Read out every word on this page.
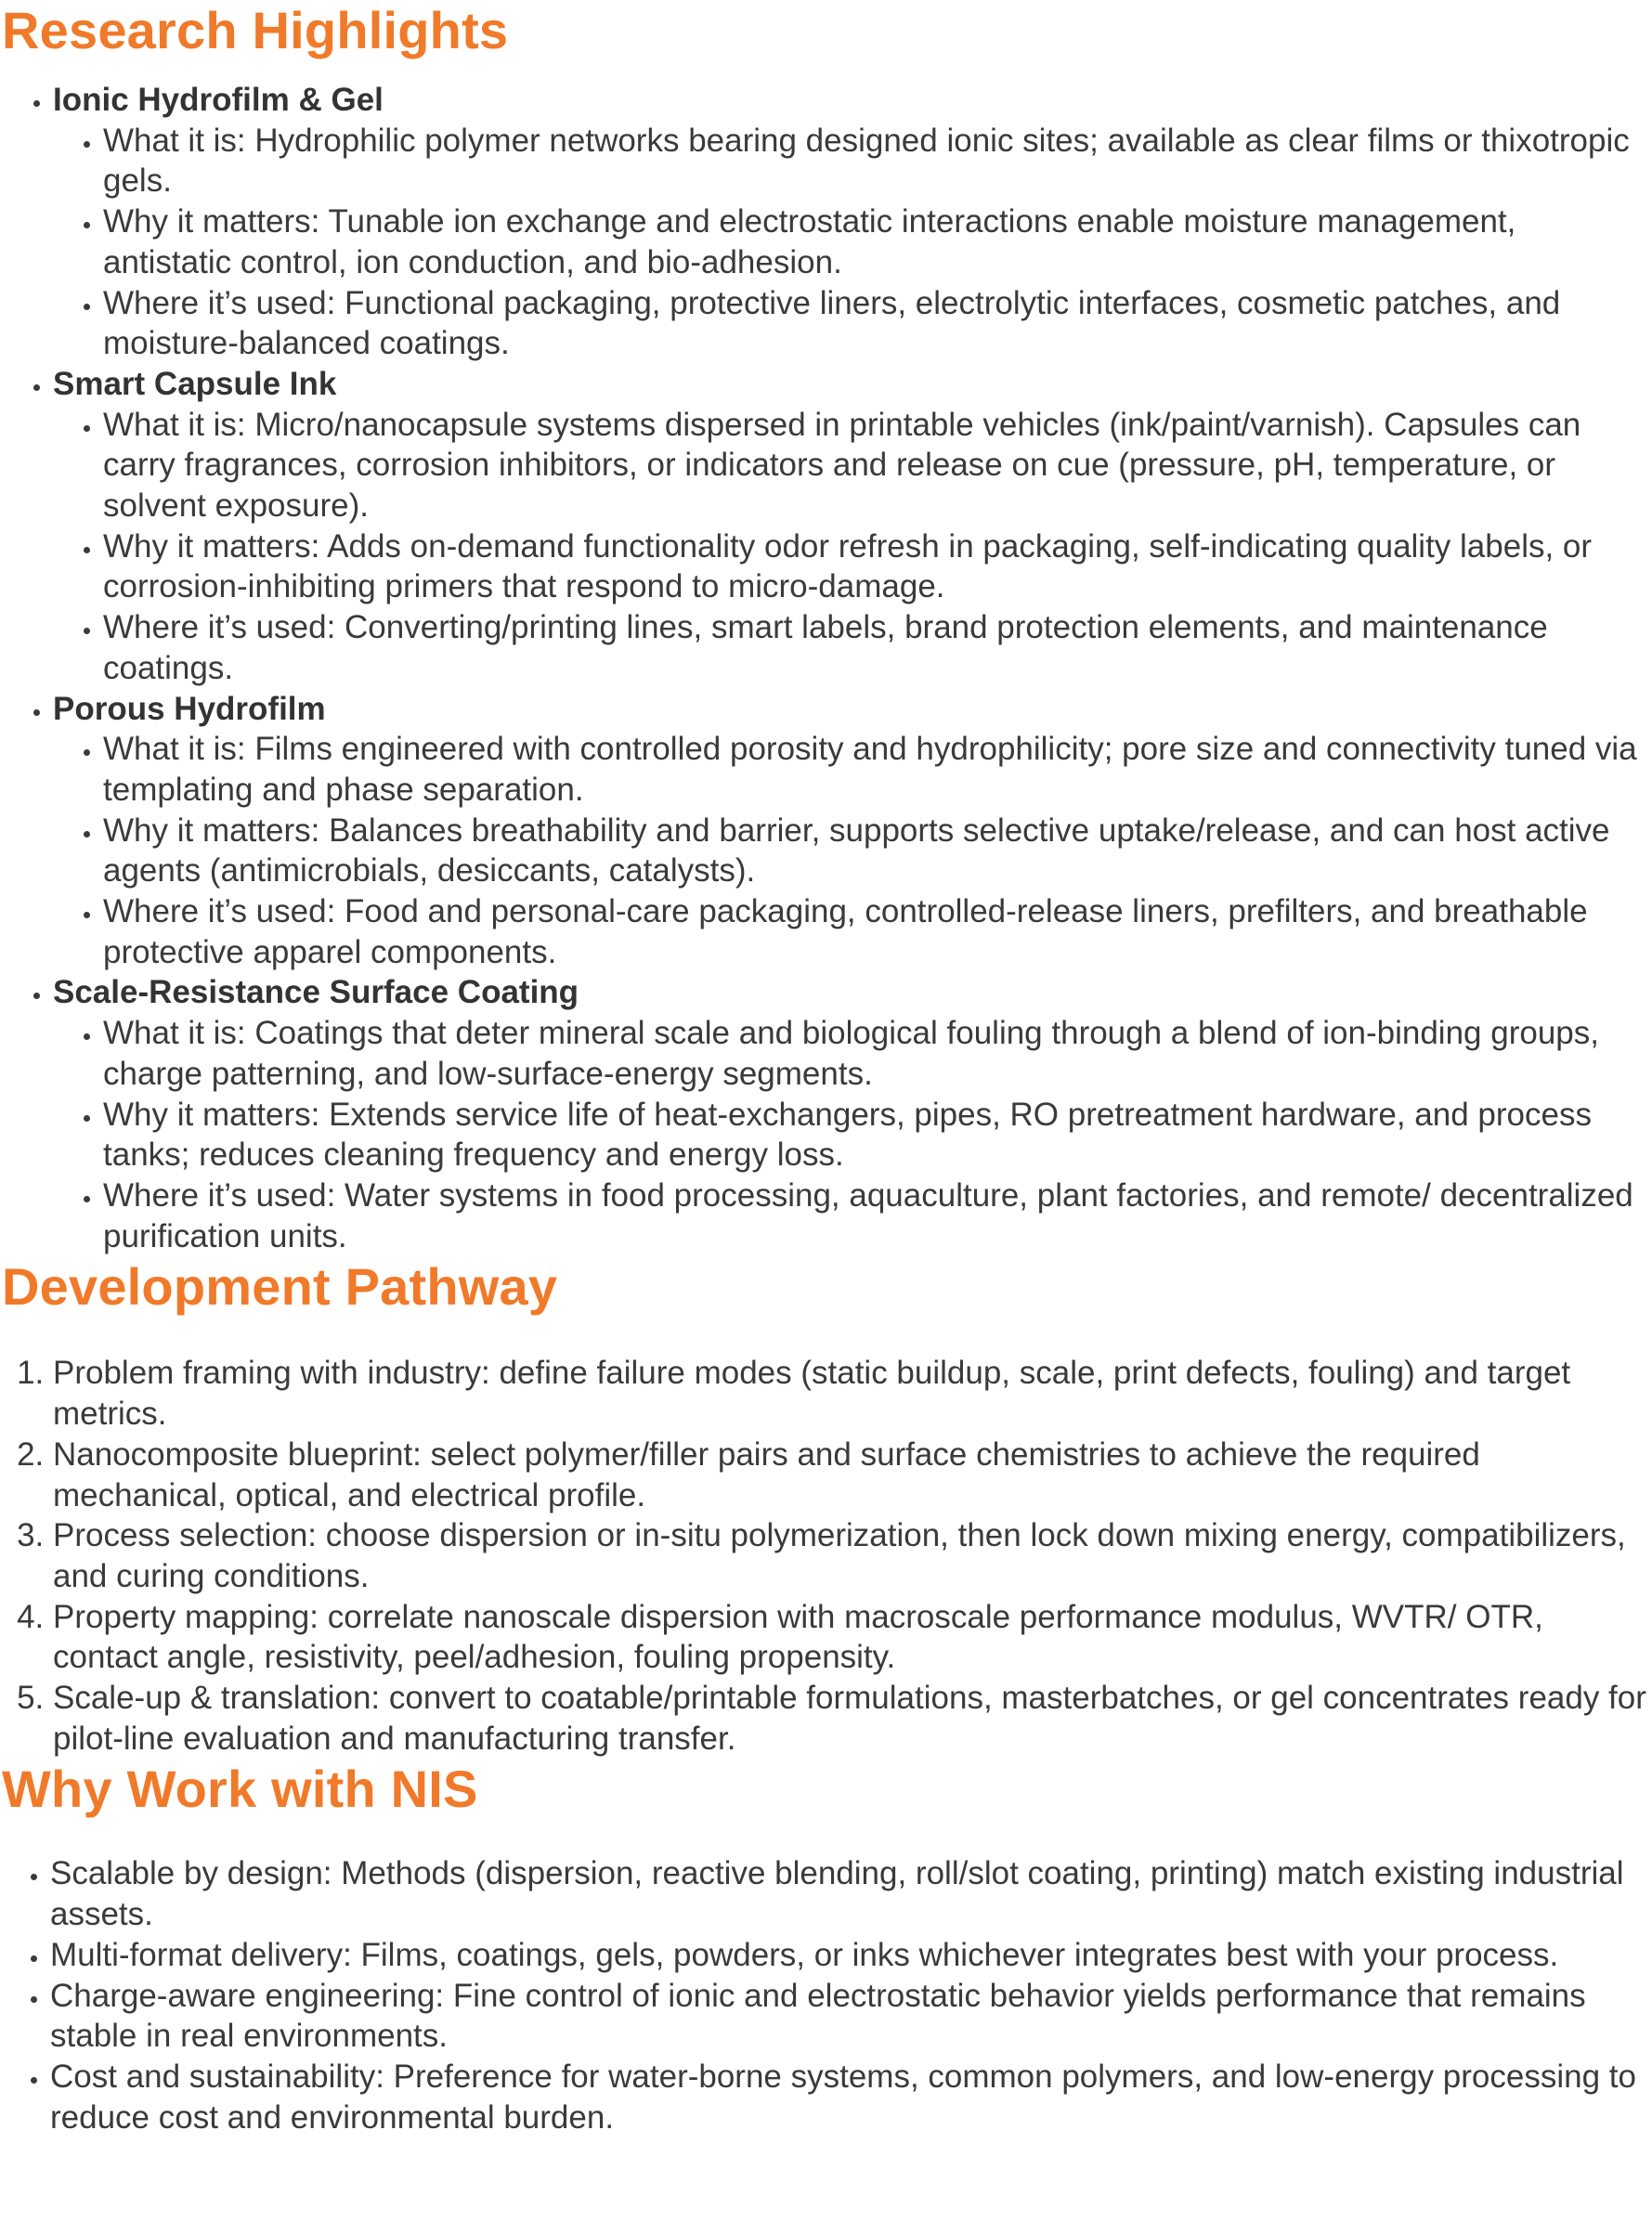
Research Highlights
• Ionic Hydrofilm & Gel
• What it is: Hydrophilic polymer networks bearing designed ionic sites; available as clear films or thixotropic gels.
• Why it matters: Tunable ion exchange and electrostatic interactions enable moisture management, antistatic control, ion conduction, and bio-adhesion.
• Where it’s used: Functional packaging, protective liners, electrolytic interfaces, cosmetic patches, and moisture-balanced coatings.
• Smart Capsule Ink
• What it is: Micro/nanocapsule systems dispersed in printable vehicles (ink/paint/varnish). Capsules can carry fragrances, corrosion inhibitors, or indicators and release on cue (pressure, pH, temperature, or solvent exposure).
• Why it matters: Adds on-demand functionality odor refresh in packaging, self-indicating quality labels, or corrosion-inhibiting primers that respond to micro-damage.
• Where it’s used: Converting/printing lines, smart labels, brand protection elements, and maintenance coatings.
• Porous Hydrofilm
• What it is: Films engineered with controlled porosity and hydrophilicity; pore size and connectivity tuned via templating and phase separation.
• Why it matters: Balances breathability and barrier, supports selective uptake/release, and can host active agents (antimicrobials, desiccants, catalysts).
• Where it’s used: Food and personal-care packaging, controlled-release liners, prefilters, and breathable protective apparel components.
• Scale-Resistance Surface Coating
• What it is: Coatings that deter mineral scale and biological fouling through a blend of ion-binding groups, charge patterning, and low-surface-energy segments.
• Why it matters: Extends service life of heat-exchangers, pipes, RO pretreatment hardware, and process tanks; reduces cleaning frequency and energy loss.
• Where it’s used: Water systems in food processing, aquaculture, plant factories, and remote/ decentralized purification units.
Development Pathway
1. Problem framing with industry: define failure modes (static buildup, scale, print defects, fouling) and target metrics.
2. Nanocomposite blueprint: select polymer/filler pairs and surface chemistries to achieve the required mechanical, optical, and electrical profile.
3. Process selection: choose dispersion or in-situ polymerization, then lock down mixing energy, compatibilizers, and curing conditions.
4. Property mapping: correlate nanoscale dispersion with macroscale performance modulus, WVTR/ OTR, contact angle, resistivity, peel/adhesion, fouling propensity.
5. Scale-up & translation: convert to coatable/printable formulations, masterbatches, or gel concentrates ready for pilot-line evaluation and manufacturing transfer.
Why Work with NIS
• Scalable by design: Methods (dispersion, reactive blending, roll/slot coating, printing) match existing industrial assets.
• Multi-format delivery: Films, coatings, gels, powders, or inks whichever integrates best with your process.
• Charge-aware engineering: Fine control of ionic and electrostatic behavior yields performance that remains stable in real environments.
• Cost and sustainability: Preference for water-borne systems, common polymers, and low-energy processing to reduce cost and environmental burden.
